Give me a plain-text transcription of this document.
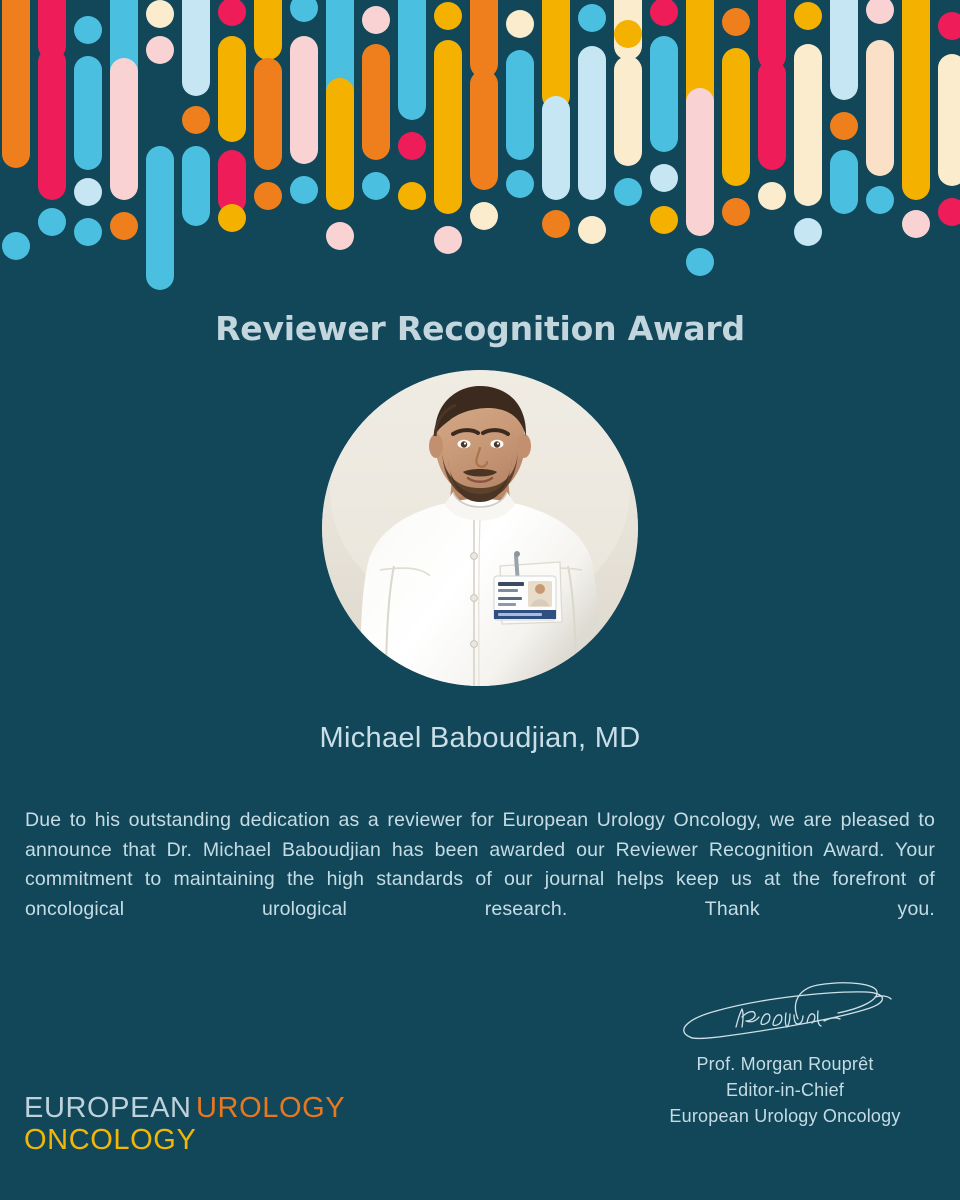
Reviewer Recognition Award
Michael Baboudjian, MD
Due to his outstanding dedication as a reviewer for European Urology Oncology, we are pleased to announce that Dr. Michael Baboudjian has been awarded our Reviewer Recognition Award. Your commitment to maintaining the high standards of our journal helps keep us at the forefront of oncological urological research. Thank you.
Prof. Morgan Rouprêt
Editor-in-Chief
European Urology Oncology
EUROPEAN UROLOGY
ONCOLOGY
